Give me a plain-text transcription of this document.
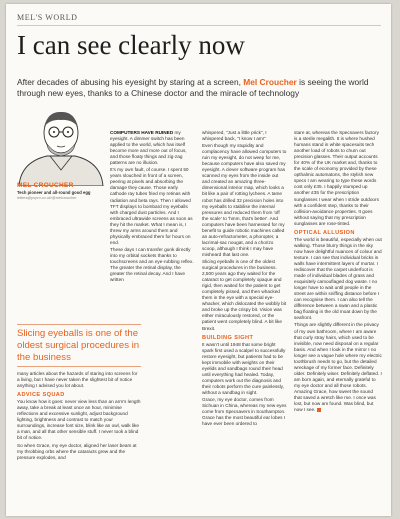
MEL'S WORLD
I can see clearly now
After decades of abusing his eyesight by staring at a screen, Mel Croucher is seeing the world through new eyes, thanks to a Chinese doctor and the miracle of technology
MEL CROUCHER
Tech pioneer and all-round good egg
letters@pcpro.co.uk/@melcroucher

COMPUTERS HAVE RUINED my eyesight. A dimmer switch has been applied to the world, which has itself become more and more out of focus, and those floaty things and zig-zag patterns are no illusion.

It's my own fault, of course. I spent 50 years slouched in front of a screen, peering at pixels and absorbing the damage they cause. Those early cathode ray tubes fried my retinas with radiation and beta rays. Then I allowed TFT displays to bombard my eyeballs with charged dust particles. And I embraced ultrawide screens as soon as they hit the market. What I mean is, I threw my arms around them and physically embraced them for hours on end.

These days I can transfer gunk directly into my orbital sockets thanks to touchscreens and an eye-rubbing reflex. The greater the retinal display, the greater the retinal decay. And I have written

Slicing eyeballs is one of the oldest surgical procedures in the business

many articles about the hazards of staring into screens for a living, but I have never taken the slightest bit of notice anything I advised you lot about.

ADVICE SQUAD

You know how it goes: never view less than an arm's length away, take a break at least once an hour, minimise reflections and excessive sunlight, adjust background lighting, brightness and contrast to match your surroundings, increase font size, blink like an owl, walk like a man, and all that other sensible stuff. I never took a blind bit of notice.

So when Grace, my eye doctor, aligned her laser beam at my throbbing orbs where the cataracts grew and the pressure explodes, and

whispered, "Just a little prick", I whispered back, "I know I am!"

Even though my stupidity and complacency have allowed computers to ruin my eyesight, do not weep for me, because computers have also saved my eyesight. A clever software program has scanned my eyes from the inside out and created an amazing three-dimensional interior map, which looks a bit like a pair of rotting lychees. A tame robot has drilled 32 precision holes into my eyeballs to stabilise the internal pressures and reduced them from 'off the scale' to 'hmm, that's better'. And computers have been harnessed for my benefit to guide robotic machines called an auto-refractometer, a phoropter, a lacrimal-sac nougat, and a chorizo scoop, although I think I may have misheard that last one.

Slicing eyeballs is one of the oldest surgical procedures in the business. 2,500 years ago they waited for the cataract to get completely opaque and rigid, then waited for the patient to get completely pissed, and then whacked them in the eye with a special eye-whacker, which dislocated the wobbly bit and broke up the crispy bit. Vision was either miraculously restored, or the patient went completely blind. A bit like Brexit.

BUILDING SIGHT

It wasn't until 1948 that some bright spark first used a scalpel to successfully restore eyesight, but patients had to be kept immobile with weights on their eyelids and sandbags round their head until everything had healed. Today, computers work out the diagnosis and their robots perform the cure painlessly, without a sandbag in sight.

Grace, my eye doctor, comes from Sichuan in China, whereas my new eyes come from Specsavers in Southampton. Grace has the most beautiful ear lobes I have ever been ordered to

stare at, whereas the Specsavers factory is a sterile megalith. It is where hushed humans stand in white spacesuits tech another load of robots to churn out precision glasses. Their output accounts for 40% of the UK market and, thanks to the scale of economy provided by these opthalmic automatons, the stylish new specs I am wearing to type these words cost only £35. I happily stumped up another £35 for the prescription sunglasses I wear when I stride outdoors with a confident step, thanks to their collision-avoidance properties. It goes without saying that my prescription sunglasses are rose-tinted.

OPTICAL ALLUSION

The world is beautiful, especially when out walking. Those blurry things in the sky now have delightful nuances of colour and texture. I can see that individual bricks in walls have intermittent layers of mortar. I rediscover that the carpet underfoot is made of individual blades of grass and exquisitely camouflaged dog waste. I no longer have to wait until people in the street are within sniffing distance before I can recognise them. I can also tell the difference between a swan and a plastic bag floating in the old moat down by the seafront.

Things are slightly different in the privacy of my own bathroom, where I am aware that curly stray hairs, which used to be invisible, now need disposal on a regular basis. And when I look in the mirror I no longer see a vague hole where my electric toothbrush needs to go, but the detailed wreckage of my former face. Definitely older. Definitely wiser. Definitely deflated. I am born again, and eternally grateful to my eye doctor and all those robots. Amazing Grace, how sweet the sound that saved a wretch like me. I once was lost, but now am found. Was blind, but now I see.
